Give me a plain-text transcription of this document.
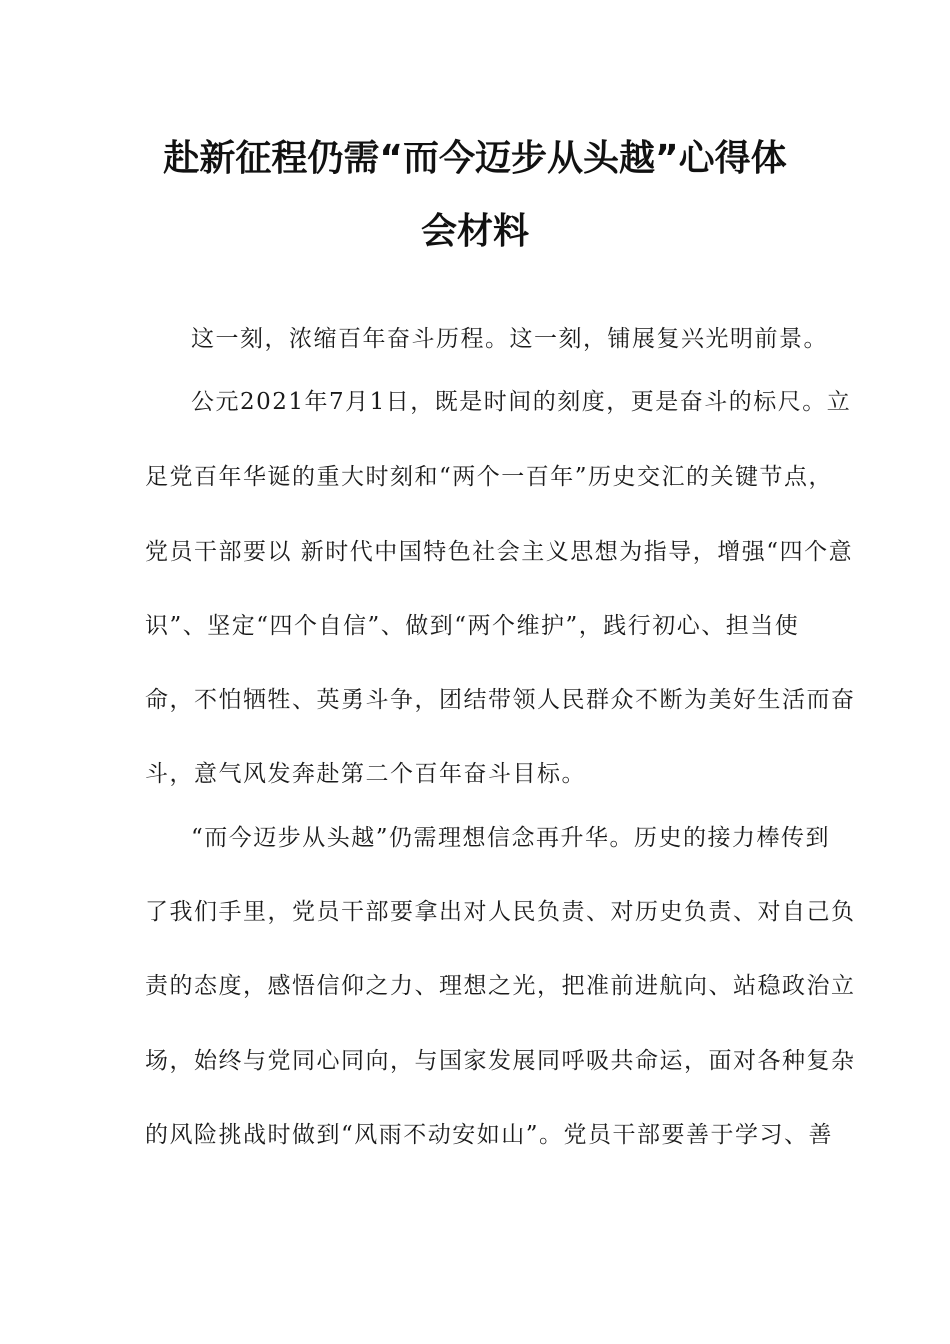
赴新征程仍需“而今迈步从头越”心得体
会材料
这一刻，浓缩百年奋斗历程。这一刻，铺展复兴光明前景。
公元2021年7月1日，既是时间的刻度，更是奋斗的标尺。立
足党百年华诞的重大时刻和“两个一百年”历史交汇的关键节点，
党员干部要以 新时代中国特色社会主义思想为指导，增强“四个意
识”、坚定“四个自信”、做到“两个维护”，践行初心、担当使
命，不怕牺牲、英勇斗争，团结带领人民群众不断为美好生活而奋
斗，意气风发奔赴第二个百年奋斗目标。
“而今迈步从头越”仍需理想信念再升华。历史的接力棒传到
了我们手里，党员干部要拿出对人民负责、对历史负责、对自己负
责的态度，感悟信仰之力、理想之光，把准前进航向、站稳政治立
场，始终与党同心同向，与国家发展同呼吸共命运，面对各种复杂
的风险挑战时做到“风雨不动安如山”。党员干部要善于学习、善
